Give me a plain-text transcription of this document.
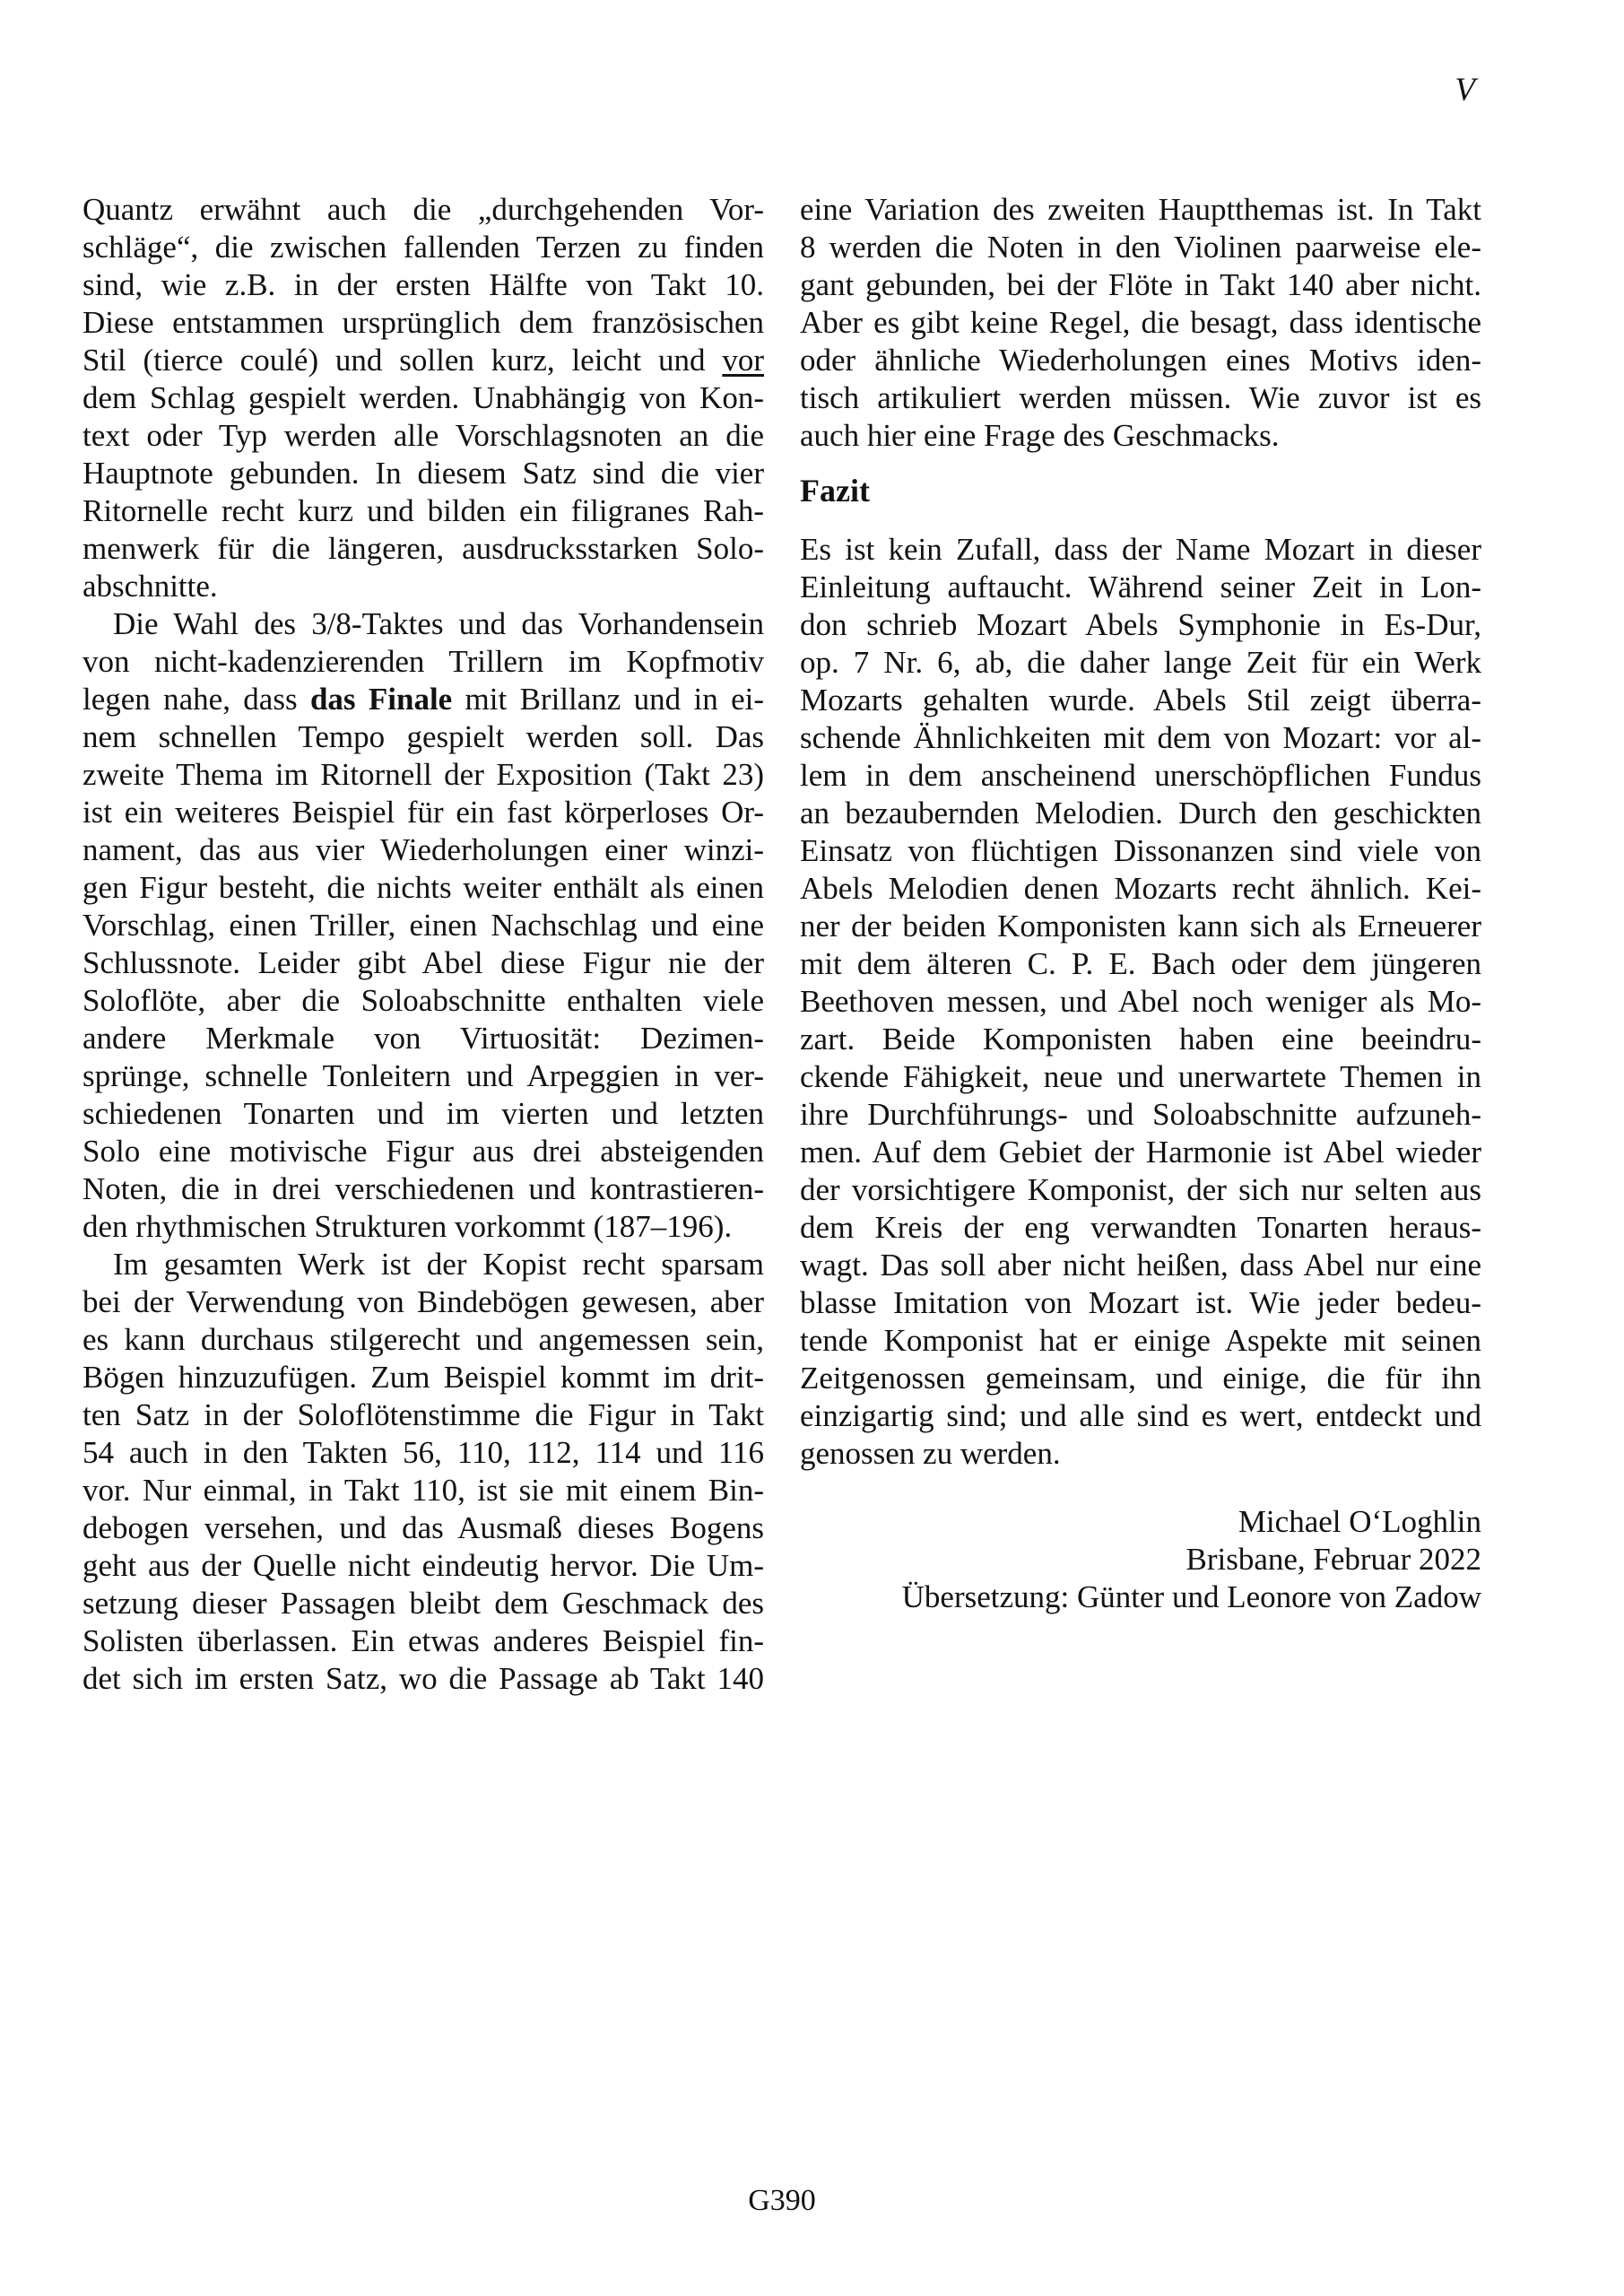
V
Quantz erwähnt auch die „durchgehenden Vor-
schläge“, die zwischen fallenden Terzen zu finden
sind, wie z.B. in der ersten Hälfte von Takt 10.
Diese entstammen ursprünglich dem französischen
Stil (tierce coulé) und sollen kurz, leicht und vor
dem Schlag gespielt werden. Unabhängig von Kon-
text oder Typ werden alle Vorschlagsnoten an die
Hauptnote gebunden. In diesem Satz sind die vier
Ritornelle recht kurz und bilden ein filigranes Rah-
menwerk für die längeren, ausdrucksstarken Solo-
abschnitte.
Die Wahl des 3/8-Taktes und das Vorhandensein
von nicht-kadenzierenden Trillern im Kopfmotiv
legen nahe, dass das Finale mit Brillanz und in ei-
nem schnellen Tempo gespielt werden soll. Das
zweite Thema im Ritornell der Exposition (Takt 23)
ist ein weiteres Beispiel für ein fast körperloses Or-
nament, das aus vier Wiederholungen einer winzi-
gen Figur besteht, die nichts weiter enthält als einen
Vorschlag, einen Triller, einen Nachschlag und eine
Schlussnote. Leider gibt Abel diese Figur nie der
Soloflöte, aber die Soloabschnitte enthalten viele
andere Merkmale von Virtuosität: Dezimen-
sprünge, schnelle Tonleitern und Arpeggien in ver-
schiedenen Tonarten und im vierten und letzten
Solo eine motivische Figur aus drei absteigenden
Noten, die in drei verschiedenen und kontrastieren-
den rhythmischen Strukturen vorkommt (187–196).
Im gesamten Werk ist der Kopist recht sparsam
bei der Verwendung von Bindebögen gewesen, aber
es kann durchaus stilgerecht und angemessen sein,
Bögen hinzuzufügen. Zum Beispiel kommt im drit-
ten Satz in der Soloflötenstimme die Figur in Takt
54 auch in den Takten 56, 110, 112, 114 und 116
vor. Nur einmal, in Takt 110, ist sie mit einem Bin-
debogen versehen, und das Ausmaß dieses Bogens
geht aus der Quelle nicht eindeutig hervor. Die Um-
setzung dieser Passagen bleibt dem Geschmack des
Solisten überlassen. Ein etwas anderes Beispiel fin-
det sich im ersten Satz, wo die Passage ab Takt 140
eine Variation des zweiten Hauptthemas ist. In Takt
8 werden die Noten in den Violinen paarweise ele-
gant gebunden, bei der Flöte in Takt 140 aber nicht.
Aber es gibt keine Regel, die besagt, dass identische
oder ähnliche Wiederholungen eines Motivs iden-
tisch artikuliert werden müssen. Wie zuvor ist es
auch hier eine Frage des Geschmacks.
Fazit
Es ist kein Zufall, dass der Name Mozart in dieser
Einleitung auftaucht. Während seiner Zeit in Lon-
don schrieb Mozart Abels Symphonie in Es-Dur,
op. 7 Nr. 6, ab, die daher lange Zeit für ein Werk
Mozarts gehalten wurde. Abels Stil zeigt überra-
schende Ähnlichkeiten mit dem von Mozart: vor al-
lem in dem anscheinend unerschöpflichen Fundus
an bezaubernden Melodien. Durch den geschickten
Einsatz von flüchtigen Dissonanzen sind viele von
Abels Melodien denen Mozarts recht ähnlich. Kei-
ner der beiden Komponisten kann sich als Erneuerer
mit dem älteren C. P. E. Bach oder dem jüngeren
Beethoven messen, und Abel noch weniger als Mo-
zart. Beide Komponisten haben eine beeindru-
ckende Fähigkeit, neue und unerwartete Themen in
ihre Durchführungs- und Soloabschnitte aufzuneh-
men. Auf dem Gebiet der Harmonie ist Abel wieder
der vorsichtigere Komponist, der sich nur selten aus
dem Kreis der eng verwandten Tonarten heraus-
wagt. Das soll aber nicht heißen, dass Abel nur eine
blasse Imitation von Mozart ist. Wie jeder bedeu-
tende Komponist hat er einige Aspekte mit seinen
Zeitgenossen gemeinsam, und einige, die für ihn
einzigartig sind; und alle sind es wert, entdeckt und
genossen zu werden.
Michael O‘Loghlin
Brisbane, Februar 2022
Übersetzung: Günter und Leonore von Zadow
G390
